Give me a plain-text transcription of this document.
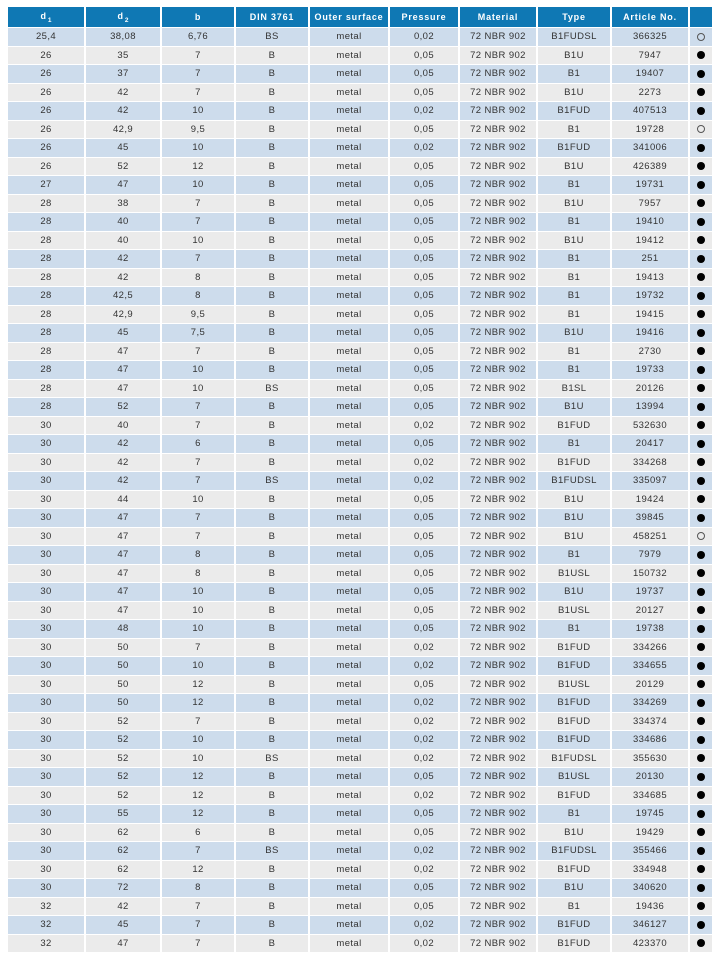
$d_1$	$d_2$	b	DIN 3761	Outer surface	Pressure	Material	Type	Article No.	
25,4	38,08	6,76	BS	metal	0,02	72 NBR 902	B1FUDSL	366325	
26	35	7	B	metal	0,05	72 NBR 902	B1U	7947	
26	37	7	B	metal	0,05	72 NBR 902	B1	19407	
26	42	7	B	metal	0,05	72 NBR 902	B1U	2273	
26	42	10	B	metal	0,02	72 NBR 902	B1FUD	407513	
26	42,9	9,5	B	metal	0,05	72 NBR 902	B1	19728	
26	45	10	B	metal	0,02	72 NBR 902	B1FUD	341006	
26	52	12	B	metal	0,05	72 NBR 902	B1U	426389	
27	47	10	B	metal	0,05	72 NBR 902	B1	19731	
28	38	7	B	metal	0,05	72 NBR 902	B1U	7957	
28	40	7	B	metal	0,05	72 NBR 902	B1	19410	
28	40	10	B	metal	0,05	72 NBR 902	B1U	19412	
28	42	7	B	metal	0,05	72 NBR 902	B1	251	
28	42	8	B	metal	0,05	72 NBR 902	B1	19413	
28	42,5	8	B	metal	0,05	72 NBR 902	B1	19732	
28	42,9	9,5	B	metal	0,05	72 NBR 902	B1	19415	
28	45	7,5	B	metal	0,05	72 NBR 902	B1U	19416	
28	47	7	B	metal	0,05	72 NBR 902	B1	2730	
28	47	10	B	metal	0,05	72 NBR 902	B1	19733	
28	47	10	BS	metal	0,05	72 NBR 902	B1SL	20126	
28	52	7	B	metal	0,05	72 NBR 902	B1U	13994	
30	40	7	B	metal	0,02	72 NBR 902	B1FUD	532630	
30	42	6	B	metal	0,05	72 NBR 902	B1	20417	
30	42	7	B	metal	0,02	72 NBR 902	B1FUD	334268	
30	42	7	BS	metal	0,02	72 NBR 902	B1FUDSL	335097	
30	44	10	B	metal	0,05	72 NBR 902	B1U	19424	
30	47	7	B	metal	0,05	72 NBR 902	B1U	39845	
30	47	7	B	metal	0,05	72 NBR 902	B1U	458251	
30	47	8	B	metal	0,05	72 NBR 902	B1	7979	
30	47	8	B	metal	0,05	72 NBR 902	B1USL	150732	
30	47	10	B	metal	0,05	72 NBR 902	B1U	19737	
30	47	10	B	metal	0,05	72 NBR 902	B1USL	20127	
30	48	10	B	metal	0,05	72 NBR 902	B1	19738	
30	50	7	B	metal	0,02	72 NBR 902	B1FUD	334266	
30	50	10	B	metal	0,02	72 NBR 902	B1FUD	334655	
30	50	12	B	metal	0,05	72 NBR 902	B1USL	20129	
30	50	12	B	metal	0,02	72 NBR 902	B1FUD	334269	
30	52	7	B	metal	0,02	72 NBR 902	B1FUD	334374	
30	52	10	B	metal	0,02	72 NBR 902	B1FUD	334686	
30	52	10	BS	metal	0,02	72 NBR 902	B1FUDSL	355630	
30	52	12	B	metal	0,05	72 NBR 902	B1USL	20130	
30	52	12	B	metal	0,02	72 NBR 902	B1FUD	334685	
30	55	12	B	metal	0,05	72 NBR 902	B1	19745	
30	62	6	B	metal	0,05	72 NBR 902	B1U	19429	
30	62	7	BS	metal	0,02	72 NBR 902	B1FUDSL	355466	
30	62	12	B	metal	0,02	72 NBR 902	B1FUD	334948	
30	72	8	B	metal	0,05	72 NBR 902	B1U	340620	
32	42	7	B	metal	0,05	72 NBR 902	B1	19436	
32	45	7	B	metal	0,02	72 NBR 902	B1FUD	346127	
32	47	7	B	metal	0,02	72 NBR 902	B1FUD	423370	
